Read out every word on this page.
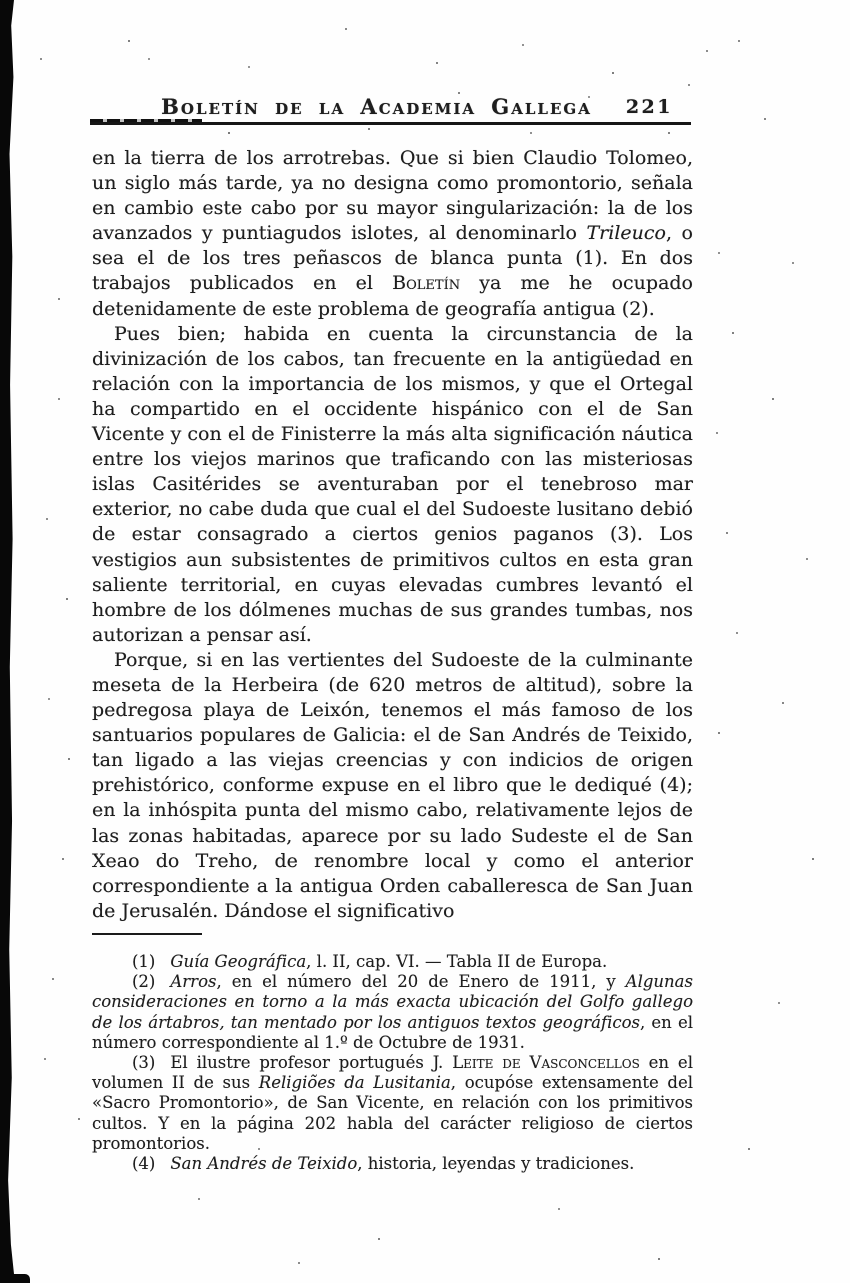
Boletín de la Academia Gallega 221

en la tierra de los arrotrebas. Que si bien Claudio Tolomeo, un siglo más tarde, ya no designa como promontorio, señala en cambio este cabo por su mayor singularización: la de los avanzados y puntiagudos islotes, al denominarlo Trileuco, o sea el de los tres peñascos de blanca punta (1). En dos trabajos publicados en el Boletín ya me he ocupado detenidamente de este problema de geografía antigua (2).

Pues bien; habida en cuenta la circunstancia de la divinización de los cabos, tan frecuente en la antigüedad en relación con la importancia de los mismos, y que el Ortegal ha compartido en el occidente hispánico con el de San Vicente y con el de Finisterre la más alta significación náutica entre los viejos marinos que traficando con las misteriosas islas Casitérides se aventuraban por el tenebroso mar exterior, no cabe duda que cual el del Sudoeste lusitano debió de estar consagrado a ciertos genios paganos (3). Los vestigios aun subsistentes de primitivos cultos en esta gran saliente territorial, en cuyas elevadas cumbres levantó el hombre de los dólmenes muchas de sus grandes tumbas, nos autorizan a pensar así.

Porque, si en las vertientes del Sudoeste de la culminante meseta de la Herbeira (de 620 metros de altitud), sobre la pedregosa playa de Leixón, tenemos el más famoso de los santuarios populares de Galicia: el de San Andrés de Teixido, tan ligado a las viejas creencias y con indicios de origen prehistórico, conforme expuse en el libro que le dediqué (4); en la inhóspita punta del mismo cabo, relativamente lejos de las zonas habitadas, aparece por su lado Sudeste el de San Xeao do Treho, de renombre local y como el anterior correspondiente a la antigua Orden caballeresca de San Juan de Jerusalén. Dándose el significativo

(1) Guía Geográfica, l. II, cap. VI. — Tabla II de Europa.

(2) Arros, en el número del 20 de Enero de 1911, y Algunas consideraciones en torno a la más exacta ubicación del Golfo gallego de los ártabros, tan mentado por los antiguos textos geográficos, en el número correspondiente al 1.º de Octubre de 1931.

(3) El ilustre profesor portugués J. Leite de Vasconcellos en el volumen II de sus Religiões da Lusitania, ocupóse extensamente del «Sacro Promontorio», de San Vicente, en relación con los primitivos cultos. Y en la página 202 habla del carácter religioso de ciertos promontorios.

(4) San Andrés de Teixido, historia, leyendas y tradiciones.
